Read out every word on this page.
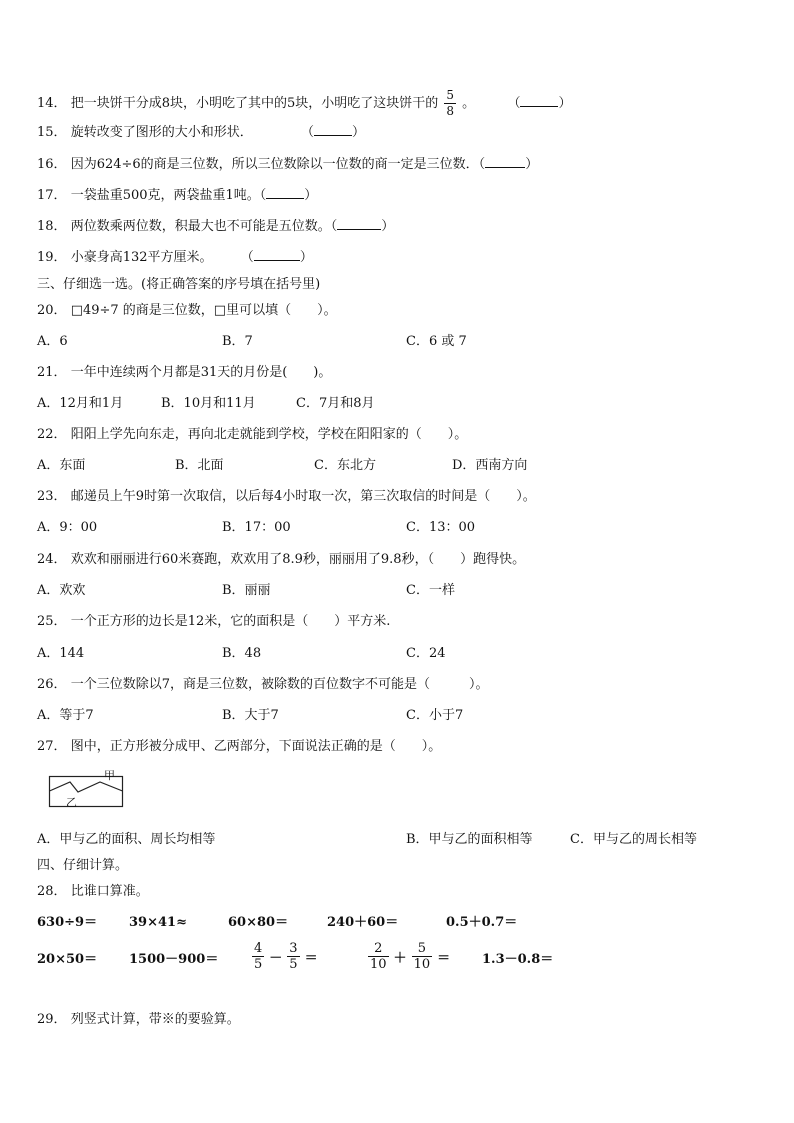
14． 把一块饼干分成8块，小明吃了其中的5块，小明吃了这块饼干的 $\frac{5}{8}$ 。 （	）
15． 旋转改变了图形的大小和形状．	（	）
16． 因为624÷6的商是三位数，所以三位数除以一位数的商一定是三位数．（	）
17． 一袋盐重500克，两袋盐重1吨。（	）
18． 两位数乘两位数，积最大也不可能是五位数。（	）
19． 小豪身高132平方厘米。 （	）
三、仔细选一选。(将正确答案的序号填在括号里)
20． □49÷7 的商是三位数，□里可以填（　　）。
A．6	B．7	C．6 或 7
21． 一年中连续两个月都是31天的月份是(　　)。
A．12月和1月	B．10月和11月	C．7月和8月
22． 阳阳上学先向东走，再向北走就能到学校，学校在阳阳家的（　　）。
A．东面	B．北面	C．东北方	D．西南方向
23． 邮递员上午9时第一次取信，以后每4小时取一次，第三次取信的时间是（　　）。
A．9：00	B．17：00	C．13：00
24． 欢欢和丽丽进行60米赛跑，欢欢用了8.9秒，丽丽用了9.8秒，（　　）跑得快。
A．欢欢	B．丽丽	C．一样
25． 一个正方形的边长是12米，它的面积是（　　）平方米.
A．144	B．48	C．24
26． 一个三位数除以7，商是三位数，被除数的百位数字不可能是（　　　）。
A．等于7	B．大于7	C．小于7
27． 图中，正方形被分成甲、乙两部分，下面说法正确的是（　　）。
甲
乙
A．甲与乙的面积、周长均相等	B．甲与乙的面积相等	C．甲与乙的周长相等
四、仔细计算。
28． 比谁口算准。
630÷9＝ 39×41≈	60×80＝	240＋60＝	0.5＋0.7＝
20×50＝ 1500－900＝	$\frac{4}{5} - \frac{3}{5}$ ＝	$\frac{2}{10} + \frac{5}{10} = 1.3-0.8=$
29． 列竖式计算，带※的要验算。
